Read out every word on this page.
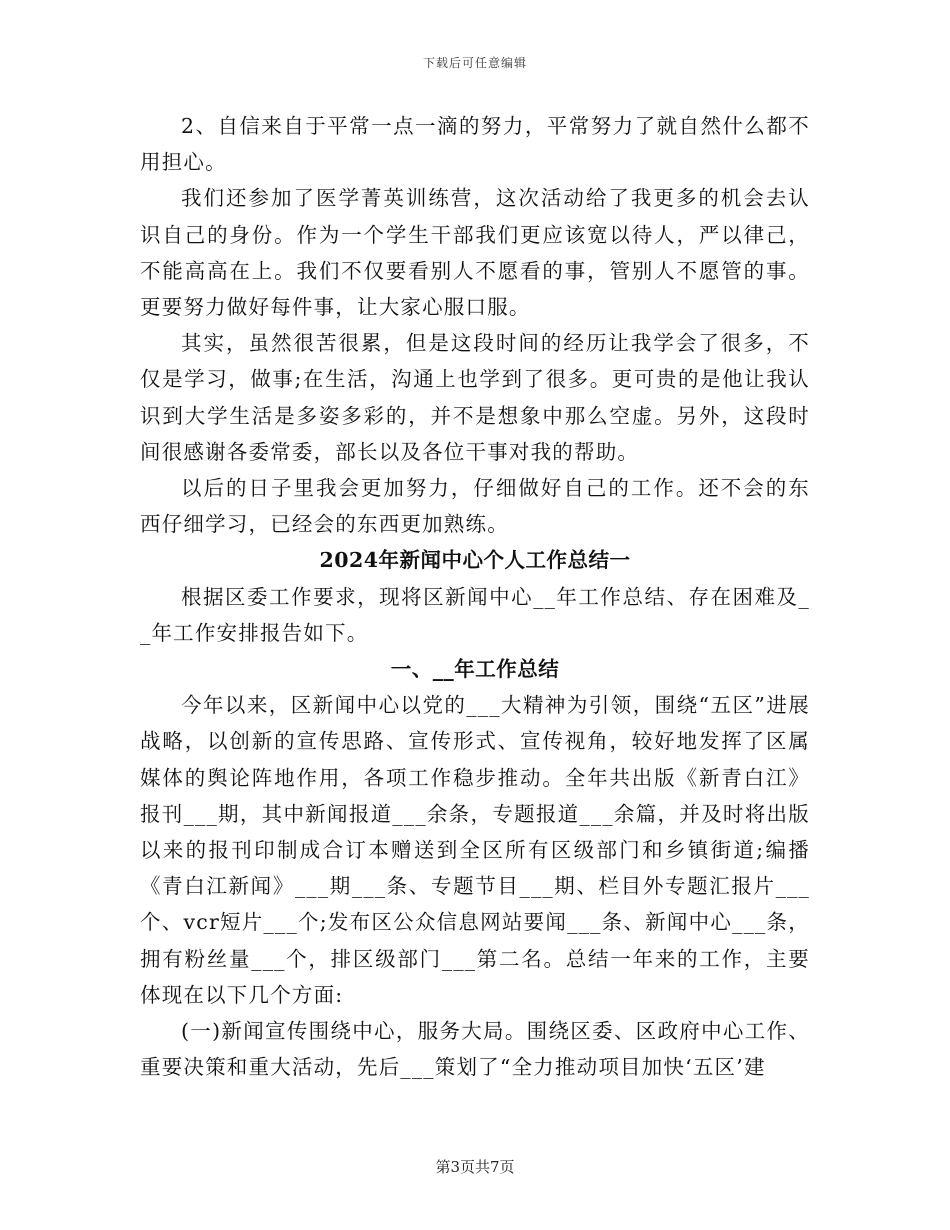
下载后可任意编辑

2、自信来自于平常一点一滴的努力，平常努力了就自然什么都不用担心。

我们还参加了医学菁英训练营，这次活动给了我更多的机会去认识自己的身份。作为一个学生干部我们更应该宽以待人，严以律己，不能高高在上。我们不仅要看别人不愿看的事，管别人不愿管的事。更要努力做好每件事，让大家心服口服。

其实，虽然很苦很累，但是这段时间的经历让我学会了很多，不仅是学习，做事;在生活，沟通上也学到了很多。更可贵的是他让我认识到大学生活是多姿多彩的，并不是想象中那么空虚。另外，这段时间很感谢各委常委，部长以及各位干事对我的帮助。

以后的日子里我会更加努力，仔细做好自己的工作。还不会的东西仔细学习，已经会的东西更加熟练。

2024年新闻中心个人工作总结一

根据区委工作要求，现将区新闻中心__年工作总结、存在困难及__年工作安排报告如下。

一、__年工作总结

今年以来，区新闻中心以党的___大精神为引领，围绕“五区”进展战略，以创新的宣传思路、宣传形式、宣传视角，较好地发挥了区属媒体的舆论阵地作用，各项工作稳步推动。全年共出版《新青白江》报刊___期，其中新闻报道___余条，专题报道___余篇，并及时将出版以来的报刊印制成合订本赠送到全区所有区级部门和乡镇街道;编播《青白江新闻》___期___条、专题节目___期、栏目外专题汇报片___个、vcr短片___个;发布区公众信息网站要闻___条、新闻中心___条，拥有粉丝量___个，排区级部门___第二名。总结一年来的工作，主要体现在以下几个方面:

(一)新闻宣传围绕中心，服务大局。围绕区委、区政府中心工作、重要决策和重大活动，先后___策划了“全力推动项目加快‘五区’建

第3页共7页
